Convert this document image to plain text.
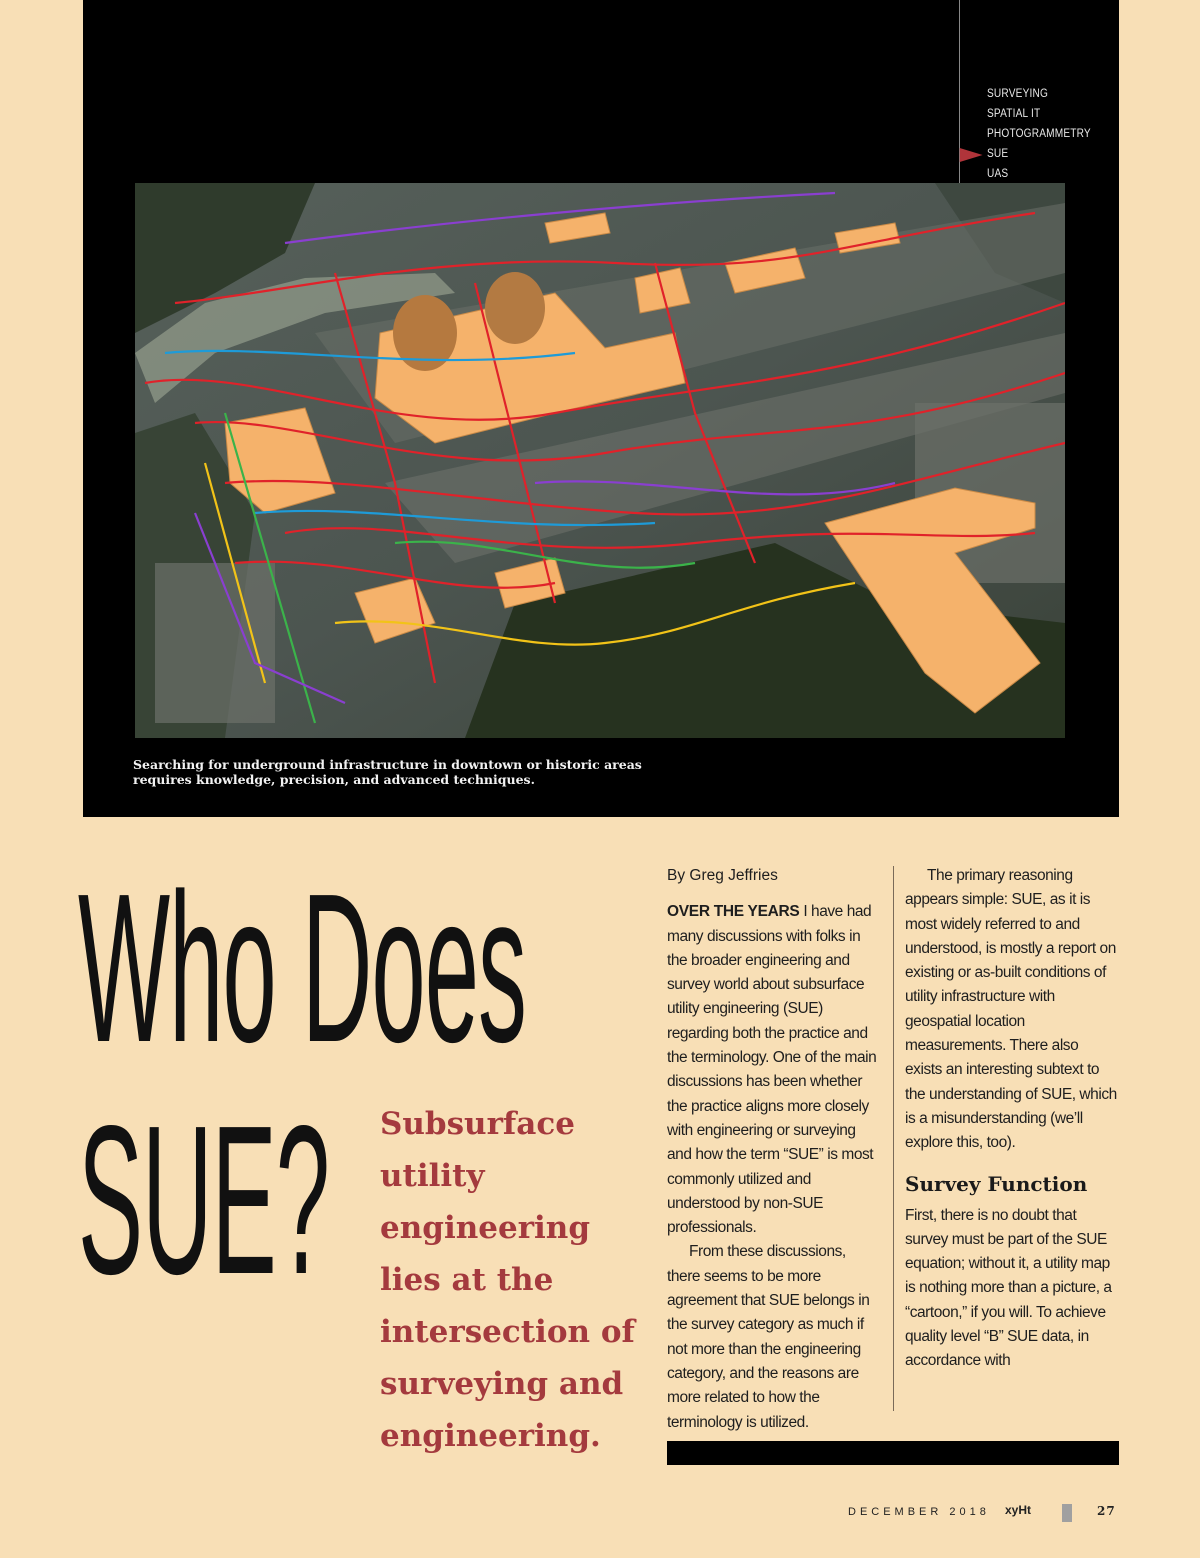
SURVEYING
SPATIAL IT
PHOTOGRAMMETRY
SUE
UAS
Searching for underground infrastructure in downtown or historic areas requires knowledge, precision, and advanced techniques.
Who Does
SUE?	Subsurface utility engineering lies at the intersection of surveying and engineering.

By Greg Jeffries

OVER THE YEARS I have had many discussions with folks in the broader engineering and survey world about subsurface utility engineering (SUE) regarding both the practice and the terminology. One of the main discussions has been whether the practice aligns more closely with engineering or surveying and how the term “SUE” is most commonly utilized and understood by non-SUE professionals.

From these discussions, there seems to be more agreement that SUE belongs in the survey category as much if not more than the engineering category, and the reasons are more related to how the terminology is utilized.

The primary reasoning appears simple: SUE, as it is most widely referred to and understood, is mostly a report on existing or as-built conditions of utility infrastructure with geospatial location measurements. There also exists an interesting subtext to the understanding of SUE, which is a misunderstanding (we’ll explore this, too).

Survey Function

First, there is no doubt that survey must be part of the SUE equation; without it, a utility map is nothing more than a picture, a “cartoon,” if you will. To achieve quality level “B” SUE data, in accordance with

DECEMBER 2018 xyHt	27
